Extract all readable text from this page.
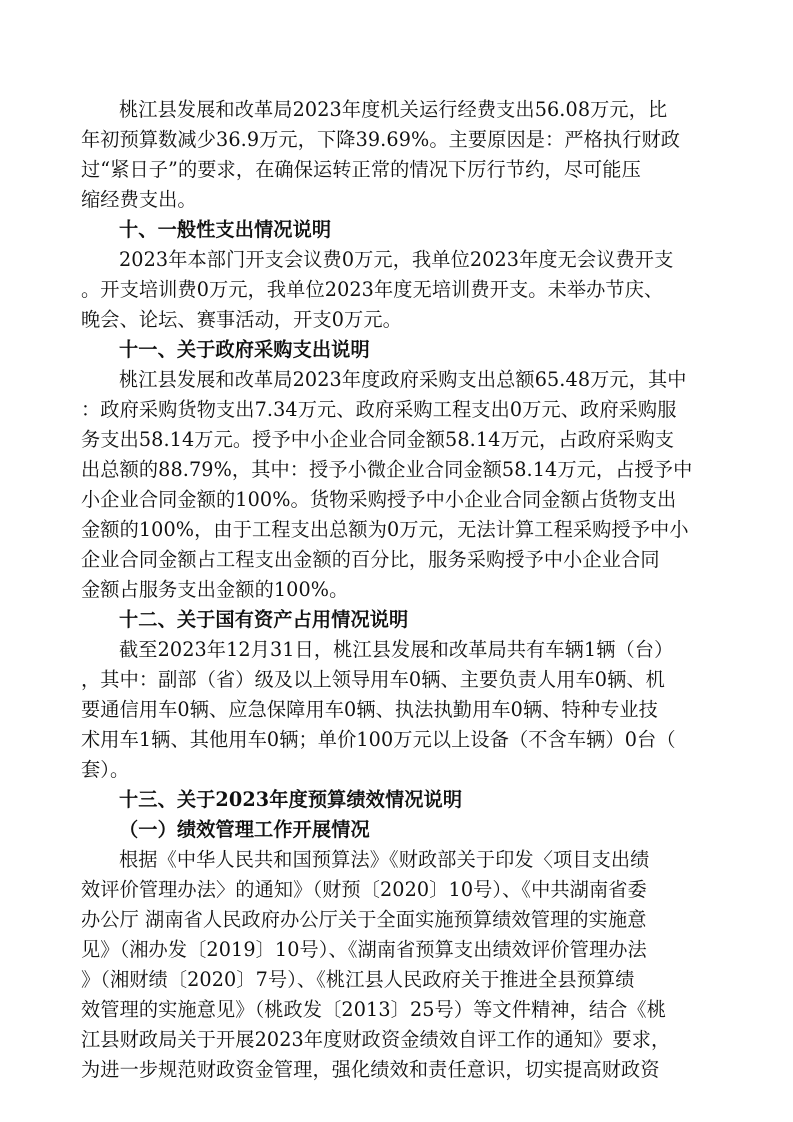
桃江县发展和改革局2023年度机关运行经费支出56.08万元，比
年初预算数减少36.9万元，下降39.69%。主要原因是：严格执行财政
过“紧日子”的要求，在确保运转正常的情况下厉行节约，尽可能压
缩经费支出。
十、一般性支出情况说明
2023年本部门开支会议费0万元，我单位2023年度无会议费开支
。开支培训费0万元，我单位2023年度无培训费开支。未举办节庆、
晚会、论坛、赛事活动，开支0万元。
十一、关于政府采购支出说明
桃江县发展和改革局2023年度政府采购支出总额65.48万元，其中
：政府采购货物支出7.34万元、政府采购工程支出0万元、政府采购服
务支出58.14万元。授予中小企业合同金额58.14万元，占政府采购支
出总额的88.79%，其中：授予小微企业合同金额58.14万元，占授予中
小企业合同金额的100%。货物采购授予中小企业合同金额占货物支出
金额的100%，由于工程支出总额为0万元，无法计算工程采购授予中小
企业合同金额占工程支出金额的百分比，服务采购授予中小企业合同
金额占服务支出金额的100%。
十二、关于国有资产占用情况说明
截至2023年12月31日，桃江县发展和改革局共有车辆1辆（台）
，其中：副部（省）级及以上领导用车0辆、主要负责人用车0辆、机
要通信用车0辆、应急保障用车0辆、执法执勤用车0辆、特种专业技
术用车1辆、其他用车0辆；单价100万元以上设备（不含车辆）0台（
套）。
十三、关于2023年度预算绩效情况说明
（一）绩效管理工作开展情况
根据《中华人民共和国预算法》《财政部关于印发〈项目支出绩
效评价管理办法〉的通知》（财预〔2020〕10号）、《中共湖南省委
办公厅 湖南省人民政府办公厅关于全面实施预算绩效管理的实施意
见》（湘办发〔2019〕10号）、《湖南省预算支出绩效评价管理办法
》（湘财绩〔2020〕7号）、《桃江县人民政府关于推进全县预算绩
效管理的实施意见》（桃政发〔2013〕25号）等文件精神，结合《桃
江县财政局关于开展2023年度财政资金绩效自评工作的通知》要求，
为进一步规范财政资金管理，强化绩效和责任意识，切实提高财政资
